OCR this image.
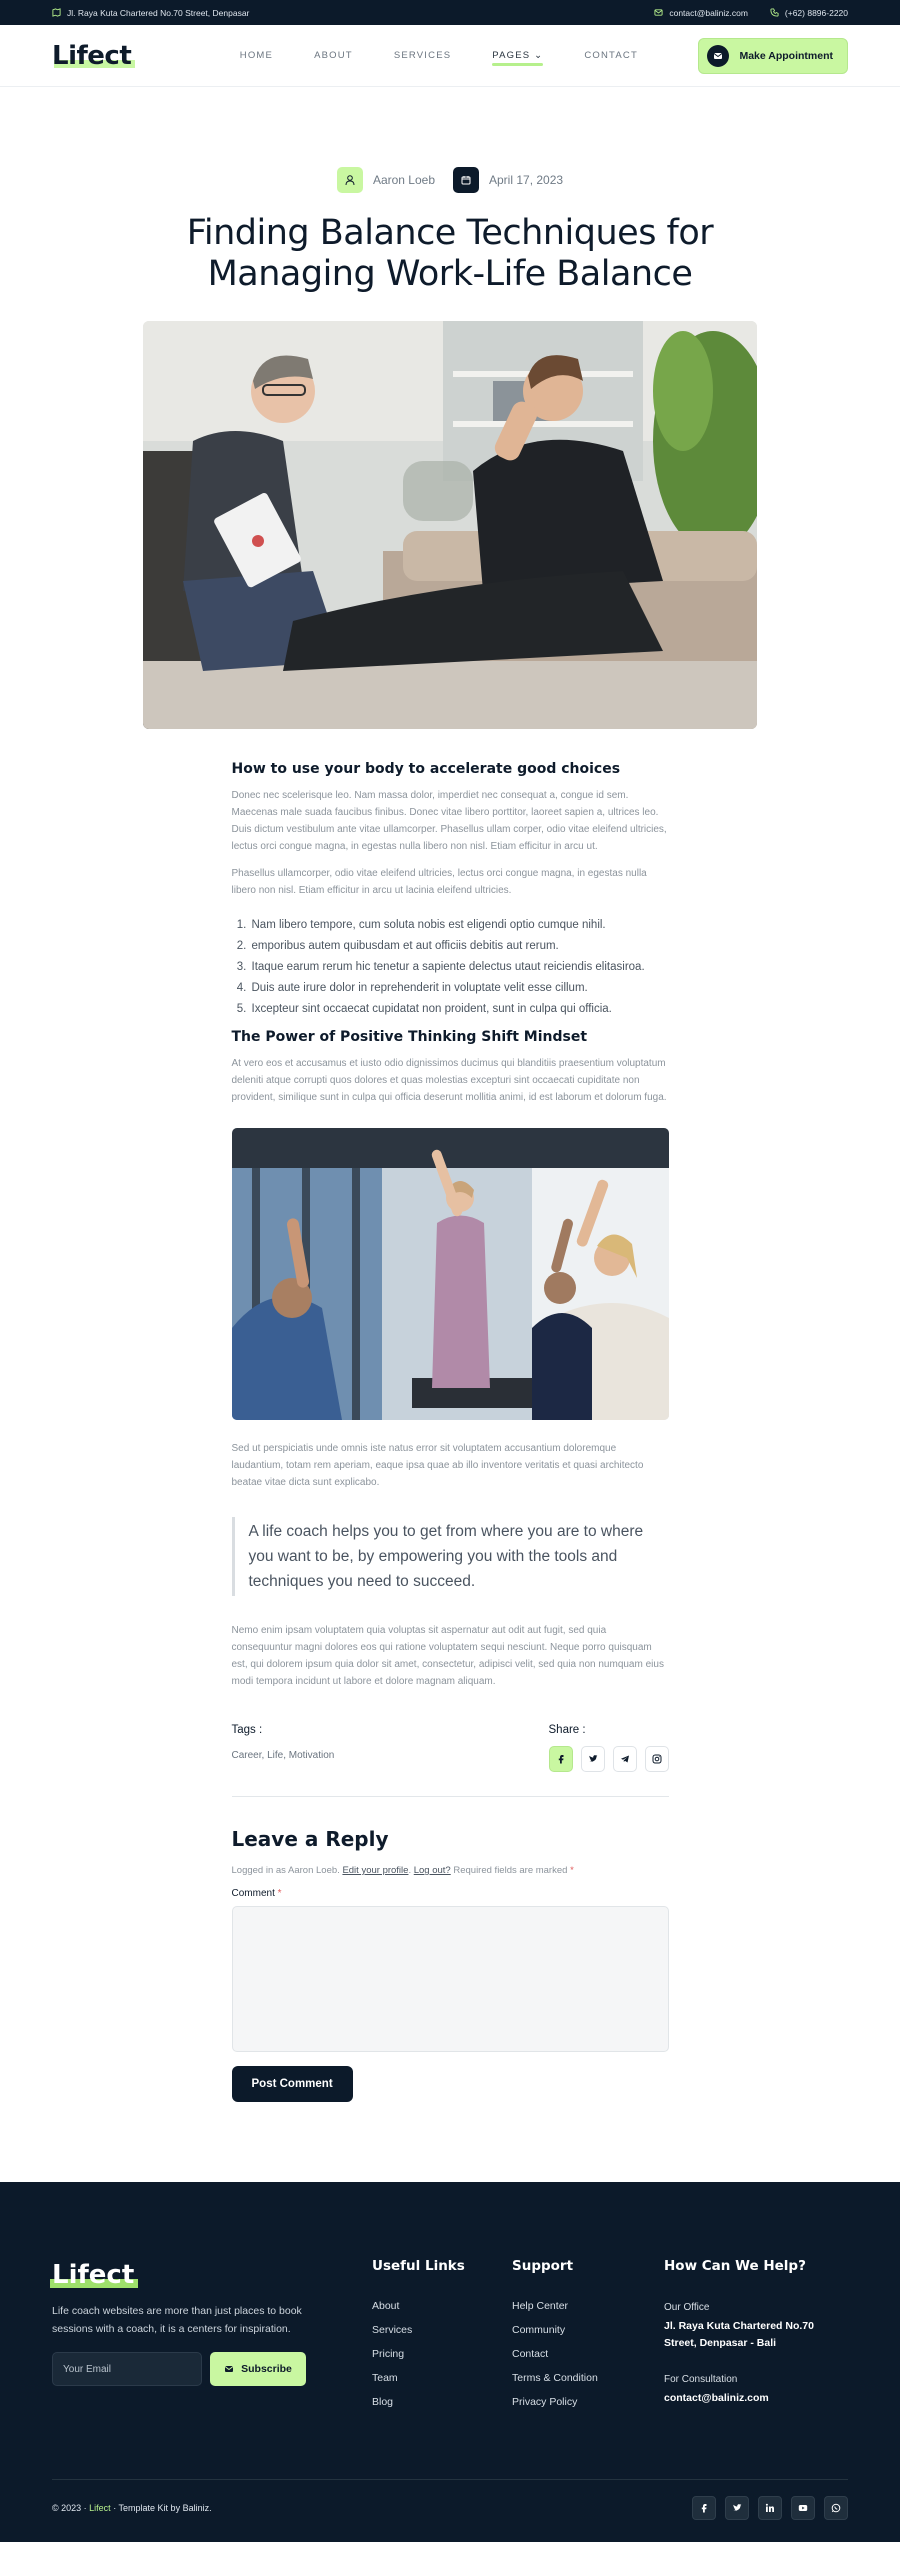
Jl. Raya Kuta Chartered No.70 Street, Denpasar	contact@baliniz.com	(+62) 8896-2220
Lifect	HOME	ABOUT	SERVICES	PAGES ⌄	CONTACT	Make Appointment
Aaron Loeb	April 17, 2023
Finding Balance Techniques for
Managing Work-Life Balance
How to use your body to accelerate good choices

Donec nec scelerisque leo. Nam massa dolor, imperdiet nec consequat a, congue id sem. Maecenas male suada faucibus finibus. Donec vitae libero porttitor, laoreet sapien a, ultrices leo. Duis dictum vestibulum ante vitae ullamcorper. Phasellus ullam corper, odio vitae eleifend ultricies, lectus orci congue magna, in egestas nulla libero non nisl. Etiam efficitur in arcu ut.

Phasellus ullamcorper, odio vitae eleifend ultricies, lectus orci congue magna, in egestas nulla libero non nisl. Etiam efficitur in arcu ut lacinia eleifend ultricies.

1. Nam libero tempore, cum soluta nobis est eligendi optio cumque nihil.
2. emporibus autem quibusdam et aut officiis debitis aut rerum.
3. Itaque earum rerum hic tenetur a sapiente delectus utaut reiciendis elitasiroa.
4. Duis aute irure dolor in reprehenderit in voluptate velit esse cillum.
5. Ixcepteur sint occaecat cupidatat non proident, sunt in culpa qui officia.
The Power of Positive Thinking Shift Mindset

At vero eos et accusamus et iusto odio dignissimos ducimus qui blanditiis praesentium voluptatum deleniti atque corrupti quos dolores et quas molestias excepturi sint occaecati cupiditate non provident, similique sunt in culpa qui officia deserunt mollitia animi, id est laborum et dolorum fuga.

Sed ut perspiciatis unde omnis iste natus error sit voluptatem accusantium doloremque laudantium, totam rem aperiam, eaque ipsa quae ab illo inventore veritatis et quasi architecto beatae vitae dicta sunt explicabo.

A life coach helps you to get from where you are to where you want to be, by empowering you with the tools and techniques you need to succeed.

Nemo enim ipsam voluptatem quia voluptas sit aspernatur aut odit aut fugit, sed quia consequuntur magni dolores eos qui ratione voluptatem sequi nesciunt. Neque porro quisquam est, qui dolorem ipsum quia dolor sit amet, consectetur, adipisci velit, sed quia non numquam eius modi tempora incidunt ut labore et dolore magnam aliquam.

Tags :
Career, Life, Motivation
Share :
Leave a Reply
Logged in as Aaron Loeb. Edit your profile. Log out? Required fields are marked *
Comment *
Post Comment
Lifect
Life coach websites are more than just places to book sessions with a coach, it is a centers for inspiration.
Your Email	Subscribe
Useful Links
About
Services
Pricing
Team
Blog
Support
Help Center
Community
Contact
Terms & Condition
Privacy Policy
How Can We Help?
Our Office
Jl. Raya Kuta Chartered No.70 Street, Denpasar - Bali
For Consultation
contact@baliniz.com
© 2023 · Lifect · Template Kit by Baliniz.
